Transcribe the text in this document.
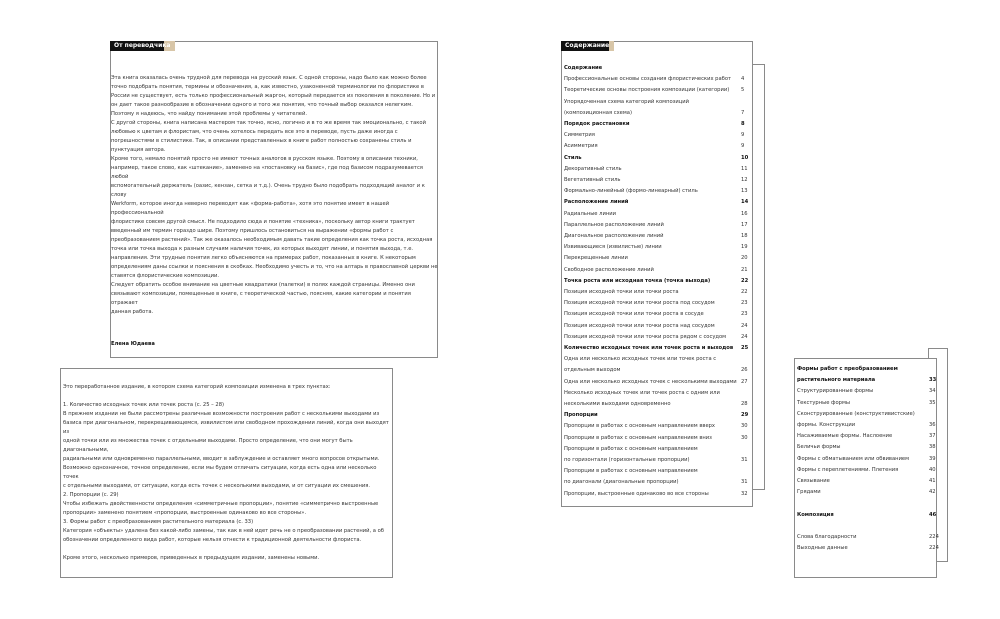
От переводчика

Эта книга оказалась очень трудной для перевода на русский язык. С одной стороны, надо было как можно более

точно подобрать понятия, термины и обозначения, а, как известно, узаконенной терминологии по флористике в

России не существует, есть только профессиональный жаргон, который передается из поколения в поколение. Но и

он дает такое разнообразие в обозначении одного и того же понятия, что точный выбор оказался нелегким.

Поэтому я надеюсь, что найду понимание этой проблемы у читателей.

С другой стороны, книга написана мастером так точно, ясно, логично и в то же время так эмоционально, с такой

любовью к цветам и флористам, что очень хотелось передать все это в переводе, пусть даже иногда с

погрешностями в стилистике. Так, в описании представленных в книге работ полностью сохранены стиль и

пунктуация автора.

Кроме того, немало понятий просто не имеют точных аналогов в русском языке. Поэтому в описании техники,

например, такое слово, как «штекание», заменено на «постановку на базис», где под базисом подразумевается любой

вспомогательный держатель (оазис, кензан, сетка и т.д.). Очень трудно было подобрать подходящий аналог и к слову

Werkform, которое иногда неверно переводят как «форма-работа», хотя это понятие имеет в нашей профессиональной

флористике совсем другой смысл. Не подходило сюда и понятие «техника», поскольку автор книги трактует

введенный им термин гораздо шире. Поэтому пришлось остановиться на выражении «формы работ с

преобразованием растений». Так же оказалось необходимым давать такие определения как точка роста, исходная

точка или точка выхода к разным случаям наличия точек, из которых выходят линии, и понятия выхода, т.е.

направления. Эти трудные понятия легко объясняются на примерах работ, показанных в книге. К некоторым

определениям даны ссылки и пояснения в скобках. Необходимо учесть и то, что на алтарь в православной церкви не

ставятся флористические композиции.

Следует обратить особое внимание на цветные квадратики (палетки) в полях каждой страницы. Именно они

связывают композиции, помещенные в книге, с теоретической частью, поясняя, какие категории и понятия отражает

данная работа.

Елена Юдаева

Это переработанное издание, в котором схема категорий композиции изменена в трех пунктах:

1. Количество исходных точек или точек роста (с. 25 – 28)

В прежнем издании не были рассмотрены различные возможности построения работ с несколькими выходами из

базиса при диагональном, перекрещивающемся, извилистом или свободном прохождении линий, когда они выходят из

одной точки или из множества точек с отдельными выходами. Просто определение, что они могут быть диагональными,

радиальными или одновременно параллельными, вводит в заблуждение и оставляет много вопросов открытыми.

Возможно однозначное, точное определение, если мы будем отличать ситуации, когда есть одна или несколько точек

с отдельными выходами, от ситуации, когда есть точек с несколькими выходами, и от ситуации их смешения.

2. Пропорции (с. 29)

Чтобы избежать двойственности определения «симметричные пропорции», понятие «симметрично выстроенные

пропорции» заменено понятием «пропорции, выстроенные одинаково во все стороны».

3. Формы работ с преобразованием растительного материала (с. 33)

Категория «объекты» удалена без какой-либо замены, так как в ней идет речь не о преобразовании растений, а об

обозначении определенного вида работ, которые нельзя отнести к традиционной деятельности флориста.

Кроме этого, несколько примеров, приведенных в предыдущем издании, заменены новыми.

Содержание
Содержание
Профессиональные основы создания флористических работ 4
Теоретические основы построения композиции (категории) 5
Упорядоченная схема категорий композиций
(композиционная схема)	7
Порядок расстановки	8
Симметрия	9
Асимметрия	9
Стиль	10
Декоративный стиль	11
Вегетативный стиль	12
Формально-линейный (формо-линеарный) стиль	13
Расположение линий	14
Радиальные линии	16
Параллельное расположение линий	17
Диагональное расположение линий	18
Извивающиеся (извилистые) линии	19
Перекрещенные линии	20
Свободное расположение линий	21
Точка роста или исходная точка (точка выхода)	22
Позиция исходной точки или точки роста	22
Позиция исходной точки или точки роста под сосудом	23
Позиция исходной точки или точки роста в сосуде	23
Позиция исходной точки или точки роста над сосудом	24
Позиция исходной точки или точки роста рядом с сосудом	24
Количество исходных точек или точек роста и выходов 25
Одна или несколько исходных точек или точек роста с
отдельным выходом	26
Одна или несколько исходных точек с несколькими выходами 27
Несколько исходных точек или точек роста с одним или
несколькими выходами одновременно	28
Пропорции	29
Пропорции в работах с основным направлением вверх	30
Пропорции в работах с основным направлением вниз	30
Пропорции в работах с основным направлением
по горизонтали (горизонтальные пропорции)	31
Пропорции в работах с основным направлением
по диагонали (диагональные пропорции)	31
Пропорции, выстроенные одинаково во все стороны	32
Формы работ с преобразованием
растительного материала	33
Структурированные формы	34
Текстурные формы	35
Сконструированные (конструктивистские)
формы. Конструкции	36
Насаживаемые формы. Наслоение	37
Беличьи формы	38
Формы с обматыванием или обвиванием	39
Формы с переплетениями. Плетения	40
Связывание	41
Грядами	42
Композиция	46
Слова благодарности	224
Выходные данные	224
